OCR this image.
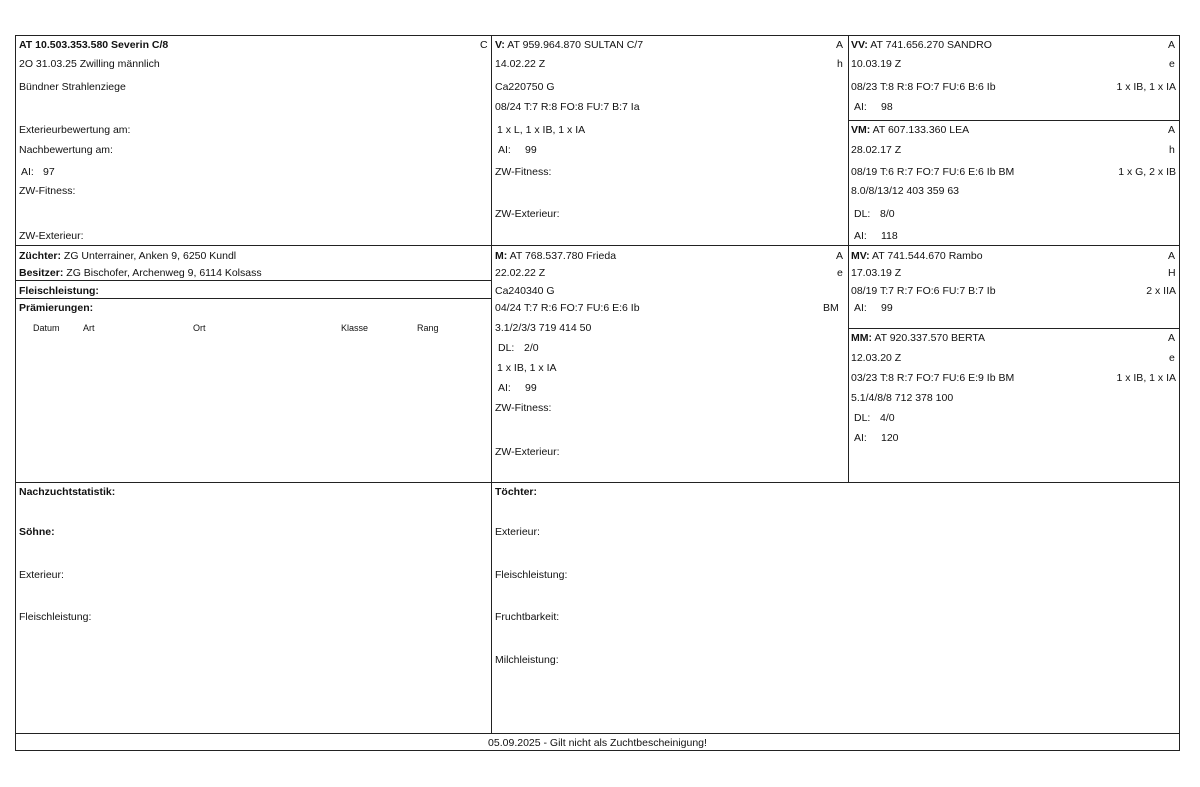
AT 10.503.353.580 Severin C/8	C
2O 31.03.25 Zwilling männlich
Bündner Strahlenziege
Exterieurbewertung am:
Nachbewertung am:
AI: 97
ZW-Fitness:
ZW-Exterieur:
Züchter: ZG Unterrainer, Anken 9, 6250 Kundl
Besitzer: ZG Bischofer, Archenweg 9, 6114 Kolsass
Fleischleistung:
Prämierungen:
Datum	Art	Ort	Klasse	Rang
V: AT 959.964.870 SULTAN C/7	A
14.02.22 Z	h
Ca220750 G
08/24 T:7 R:8 FO:8 FU:7 B:7 Ia
1 x L, 1 x IB, 1 x IA
AI: 99
ZW-Fitness:
ZW-Exterieur:
M: AT 768.537.780 Frieda	A
22.02.22 Z	e
Ca240340 G
04/24 T:7 R:6 FO:7 FU:6 E:6 Ib	BM
3.1/2/3/3 719 414 50
DL: 2/0
1 x IB, 1 x IA
AI: 99
ZW-Fitness:
ZW-Exterieur:
VV: AT 741.656.270 SANDRO	A
10.03.19 Z	e
08/23 T:8 R:8 FO:7 FU:6 B:6 Ib	1 x IB, 1 x IA
AI: 98
VM: AT 607.133.360 LEA	A
28.02.17 Z	h
08/19 T:6 R:7 FO:7 FU:6 E:6 Ib BM	1 x G, 2 x IB
8.0/8/13/12 403 359 63
DL: 8/0
AI: 118
MV: AT 741.544.670 Rambo	A
17.03.19 Z	H
08/19 T:7 R:7 FO:6 FU:7 B:7 Ib	2 x IIA
AI: 99
MM: AT 920.337.570 BERTA	A
12.03.20 Z	e
03/23 T:8 R:7 FO:7 FU:6 E:9 Ib BM	1 x IB, 1 x IA
5.1/4/8/8 712 378 100
DL: 4/0
AI: 120
Nachzuchtstatistik:
Söhne:
Exterieur:
Fleischleistung:
Töchter:
Exterieur:
Fleischleistung:
Fruchtbarkeit:
Milchleistung:
05.09.2025 - Gilt nicht als Zuchtbescheinigung!
